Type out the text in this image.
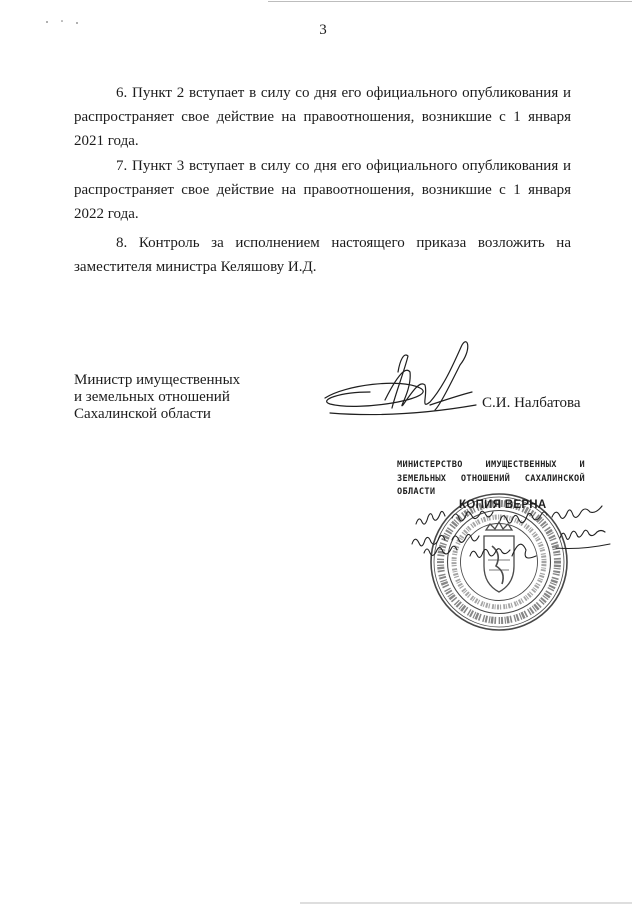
3
6. Пункт 2 вступает в силу со дня его официального опубликования и
распространяет свое действие на правоотношения, возникшие с 1 января
2021 года.
7. Пункт 3 вступает в силу со дня его официального опубликования и
распространяет свое действие на правоотношения, возникшие с 1 января
2022 года.
8. Контроль за исполнением настоящего приказа возложить на
заместителя министра Келяшову И.Д.
Министр имущественных
и земельных отношений
Сахалинской области
С.И. Налбатова
МИНИСТЕРСТВО ИМУЩЕСТВЕННЫХ И
ЗЕМЕЛЬНЫХ ОТНОШЕНИЙ САХАЛИНСКОЙ
ОБЛАСТИ
КОПИЯ ВЕРНА
